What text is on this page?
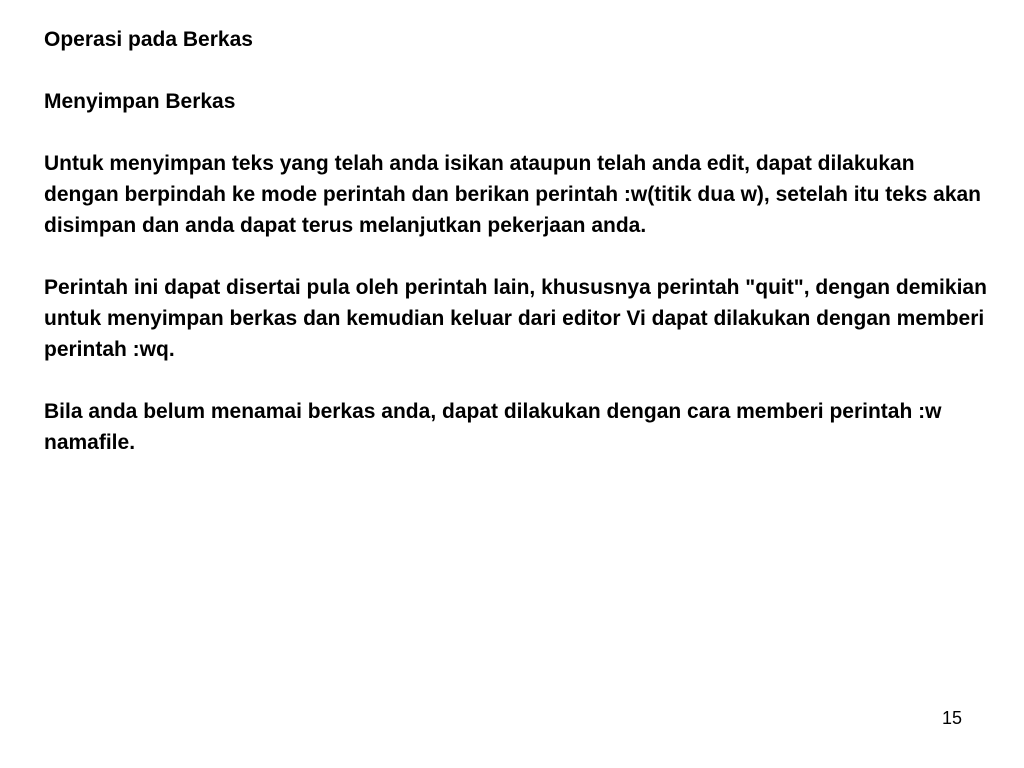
Operasi pada Berkas

Menyimpan Berkas

Untuk menyimpan teks yang telah anda isikan ataupun telah anda edit, dapat dilakukan dengan berpindah ke mode perintah dan berikan perintah :w(titik dua w), setelah itu teks akan disimpan dan anda dapat terus melanjutkan pekerjaan anda.

Perintah ini dapat disertai pula oleh perintah lain, khususnya perintah "quit", dengan demikian untuk menyimpan berkas dan kemudian keluar dari editor Vi dapat dilakukan dengan memberi perintah :wq.

Bila anda belum menamai berkas anda, dapat dilakukan dengan cara memberi perintah :w namafile.

15
